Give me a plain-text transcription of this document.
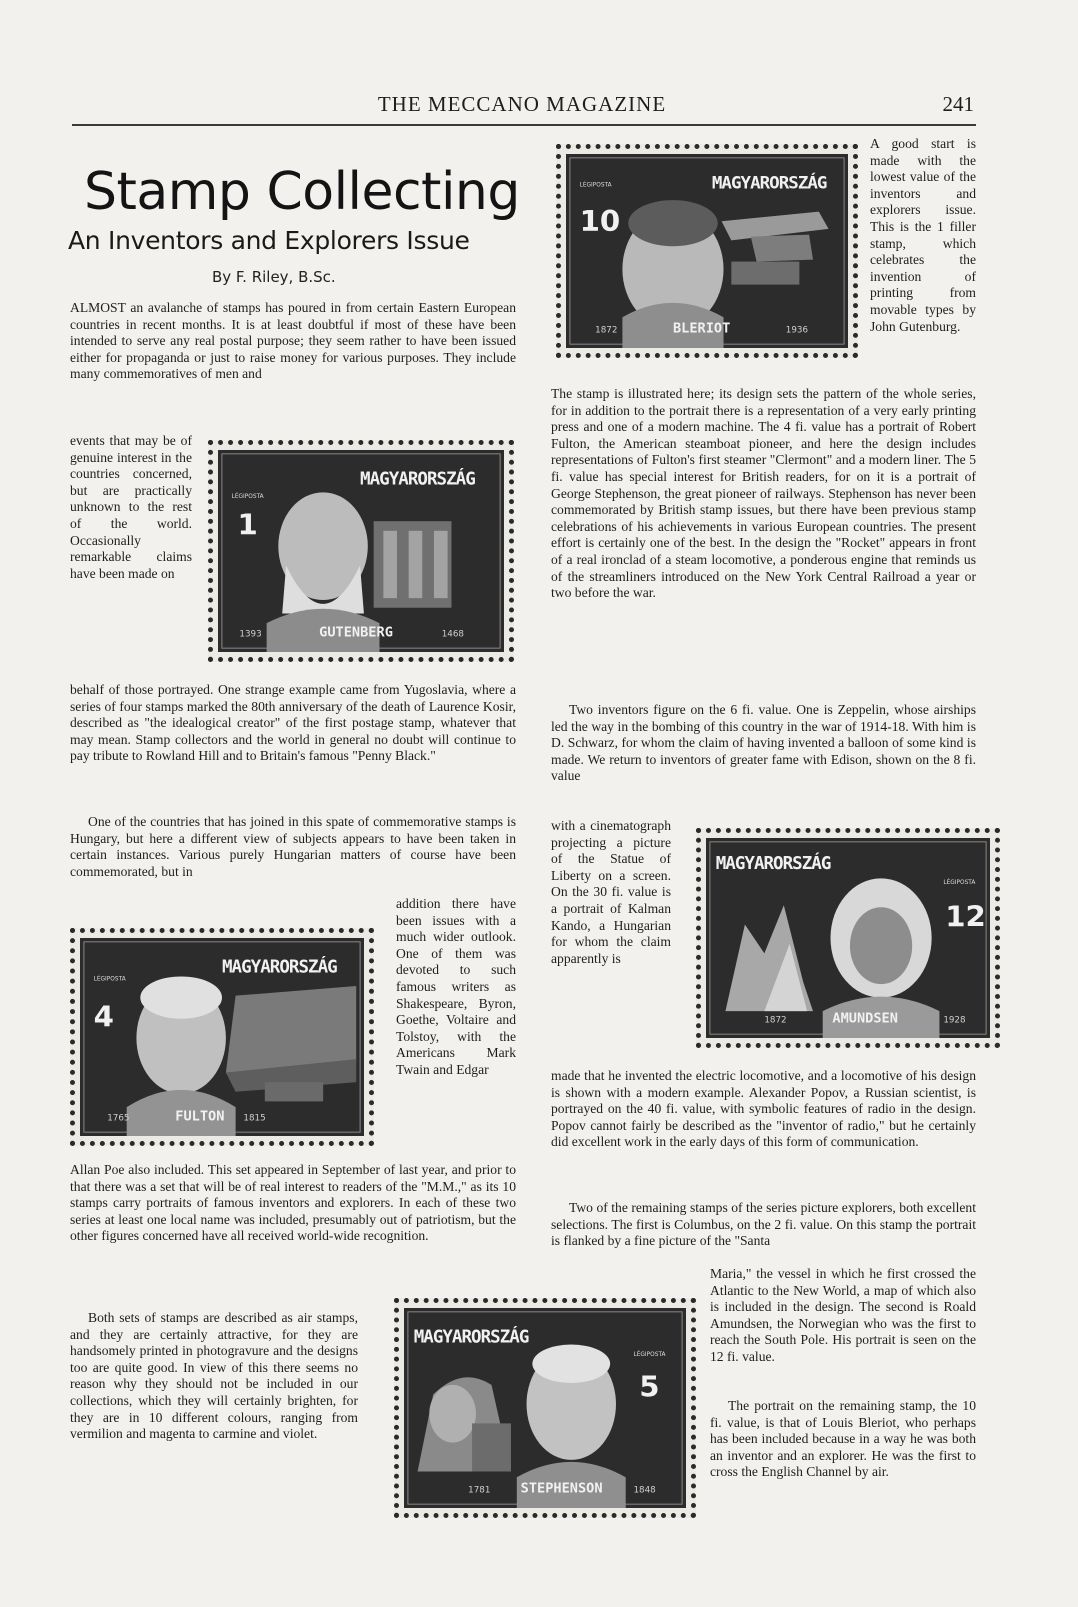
THE MECCANO MAGAZINE	241
Stamp Collecting
An Inventors and Explorers Issue
By F. Riley, B.Sc.

ALMOST an avalanche of stamps has poured in from certain Eastern European countries in recent months. It is at least doubtful if most of these have been intended to serve any real postal purpose; they seem rather to have been issued either for propaganda or just to raise money for various purposes. They include many commemoratives of men and

events that may be of genuine interest in the countries concerned, but are practically unknown to the rest of the world. Occasionally remarkable claims have been made on

behalf of those portrayed. One strange example came from Yugoslavia, where a series of four stamps marked the 80th anniversary of the death of Laurence Kosir, described as "the idealogical creator" of the first postage stamp, whatever that may mean. Stamp collectors and the world in general no doubt will continue to pay tribute to Rowland Hill and to Britain's famous "Penny Black."

One of the countries that has joined in this spate of commemorative stamps is Hungary, but here a different view of subjects appears to have been taken in certain instances. Various purely Hungarian matters of course have been commemorated, but in

addition there have been issues with a much wider outlook. One of them was devoted to such famous writers as Shakespeare, Byron, Goethe, Voltaire and Tolstoy, with the Americans Mark Twain and Edgar

Allan Poe also included. This set appeared in September of last year, and prior to that there was a set that will be of real interest to readers of the "M.M.," as its 10 stamps carry portraits of famous inventors and explorers. In each of these two series at least one local name was included, presumably out of patriotism, but the other figures concerned have all received world-wide recognition.

Both sets of stamps are described as air stamps, and they are certainly attractive, for they are handsomely printed in photogravure and the designs too are quite good. In view of this there seems no reason why they should not be included in our collections, which they will certainly brighten, for they are in 10 different colours, ranging from vermilion and magenta to carmine and violet.

A good start is made with the lowest value of the inventors and explorers issue. This is the 1 filler stamp, which celebrates the invention of printing from movable types by John Gutenburg.

The stamp is illustrated here; its design sets the pattern of the whole series, for in addition to the portrait there is a representation of a very early printing press and one of a modern machine. The 4 fi. value has a portrait of Robert Fulton, the American steamboat pioneer, and here the design includes representations of Fulton's first steamer "Clermont" and a modern liner. The 5 fi. value has special interest for British readers, for on it is a portrait of George Stephenson, the great pioneer of railways. Stephenson has never been commemorated by British stamp issues, but there have been previous stamp celebrations of his achievements in various European countries. The present effort is certainly one of the best. In the design the "Rocket" appears in front of a real ironclad of a steam locomotive, a ponderous engine that reminds us of the streamliners introduced on the New York Central Railroad a year or two before the war.

Two inventors figure on the 6 fi. value. One is Zeppelin, whose airships led the way in the bombing of this country in the war of 1914-18. With him is D. Schwarz, for whom the claim of having invented a balloon of some kind is made. We return to inventors of greater fame with Edison, shown on the 8 fi. value

with a cinematograph projecting a picture of the Statue of Liberty on a screen. On the 30 fi. value is a portrait of Kalman Kando, a Hungarian for whom the claim apparently is

made that he invented the electric locomotive, and a locomotive of his design is shown with a modern example. Alexander Popov, a Russian scientist, is portrayed on the 40 fi. value, with symbolic features of radio in the design. Popov cannot fairly be described as the "inventor of radio," but he certainly did excellent work in the early days of this form of communication.

Two of the remaining stamps of the series picture explorers, both excellent selections. The first is Columbus, on the 2 fi. value. On this stamp the portrait is flanked by a fine picture of the "Santa

Maria," the vessel in which he first crossed the Atlantic to the New World, a map of which also is included in the design. The second is Roald Amundsen, the Norwegian who was the first to reach the South Pole. His portrait is seen on the 12 fi. value.

The portrait on the remaining stamp, the 10 fi. value, is that of Louis Bleriot, who perhaps has been included because in a way he was both an inventor and an explorer. He was the first to cross the English Channel by air.

MAGYARORSZÁG
LÉGIPOSTA
10
1872	BLERIOT	1936
MAGYARORSZÁG
LÉGIPOSTA
1
1393	GUTENBERG	1468
MAGYARORSZÁG
LÉGIPOSTA
4
1765	FULTON 1815
MAGYARORSZÁG
LÉGIPOSTA
12
1872	AMUNDSEN	1928
MAGYARORSZÁG
LÉGIPOSTA
5
1781 STEPHENSON	1848
